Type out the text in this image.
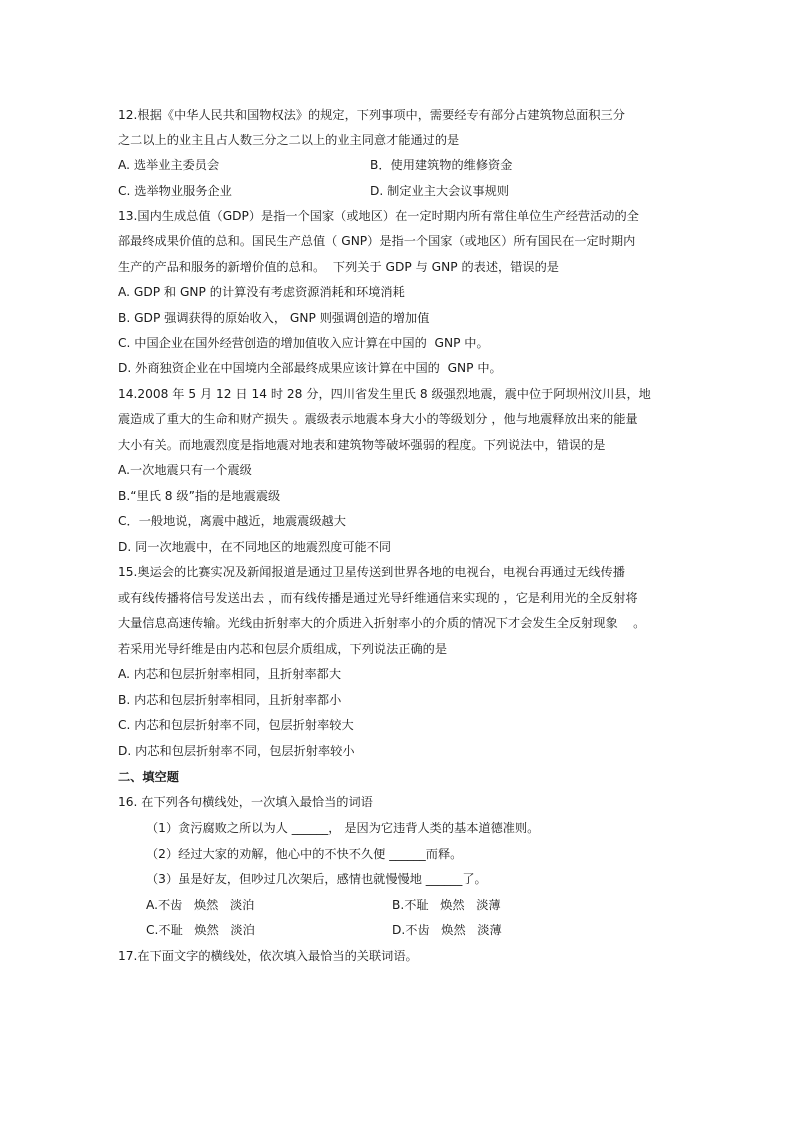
12.根据《中华人民共和国物权法》的规定，下列事项中，需要经专有部分占建筑物总面积三分
之二以上的业主且占人数三分之二以上的业主同意才能通过的是
A. 选举业主委员会	B．使用建筑物的维修资金
C. 选举物业服务企业	D. 制定业主大会议事规则
13.国内生成总值（GDP）是指一个国家（或地区）在一定时期内所有常住单位生产经营活动的全
部最终成果价值的总和。国民生产总值（ GNP）是指一个国家（或地区）所有国民在一定时期内
生产的产品和服务的新增价值的总和。  下列关于 GDP 与 GNP 的表述，错误的是
A. GDP 和 GNP 的计算没有考虑资源消耗和环境消耗
B. GDP 强调获得的原始收入， GNP 则强调创造的增加值
C. 中国企业在国外经营创造的增加值收入应计算在中国的  GNP 中。
D. 外商独资企业在中国境内全部最终成果应该计算在中国的  GNP 中。
14.2008 年 5 月 12 日 14 时 28 分，四川省发生里氏 8 级强烈地震，震中位于阿坝州汶川县，地
震造成了重大的生命和财产损失 。震级表示地震本身大小的等级划分 ，他与地震释放出来的能量
大小有关。而地震烈度是指地震对地表和建筑物等破坏强弱的程度。下列说法中，错误的是
A.一次地震只有一个震级
B.“里氏 8 级”指的是地震震级
C．一般地说，离震中越近，地震震级越大
D. 同一次地震中，在不同地区的地震烈度可能不同
15.奥运会的比赛实况及新闻报道是通过卫星传送到世界各地的电视台，电视台再通过无线传播
或有线传播将信号发送出去 ，而有线传播是通过光导纤维通信来实现的 ，它是利用光的全反射将
大量信息高速传输。光线由折射率大的介质进入折射率小的介质的情况下才会发生全反射现象    。
若采用光导纤维是由内芯和包层介质组成，下列说法正确的是
A. 内芯和包层折射率相同，且折射率都大
B. 内芯和包层折射率相同，且折射率都小
C. 内芯和包层折射率不同，包层折射率较大
D. 内芯和包层折射率不同，包层折射率较小
二、填空题
16. 在下列各句横线处，一次填入最恰当的词语
（1）贪污腐败之所以为人 ______， 是因为它违背人类的基本道德准则。
（2）经过大家的劝解，他心中的不快不久便 ______而释。
（3）虽是好友，但吵过几次架后，感情也就慢慢地 ______了。
A.不齿   焕然   淡泊	B.不耻   焕然   淡薄
C.不耻   焕然   淡泊	D.不齿   焕然   淡薄
17.在下面文字的横线处，依次填入最恰当的关联词语。
